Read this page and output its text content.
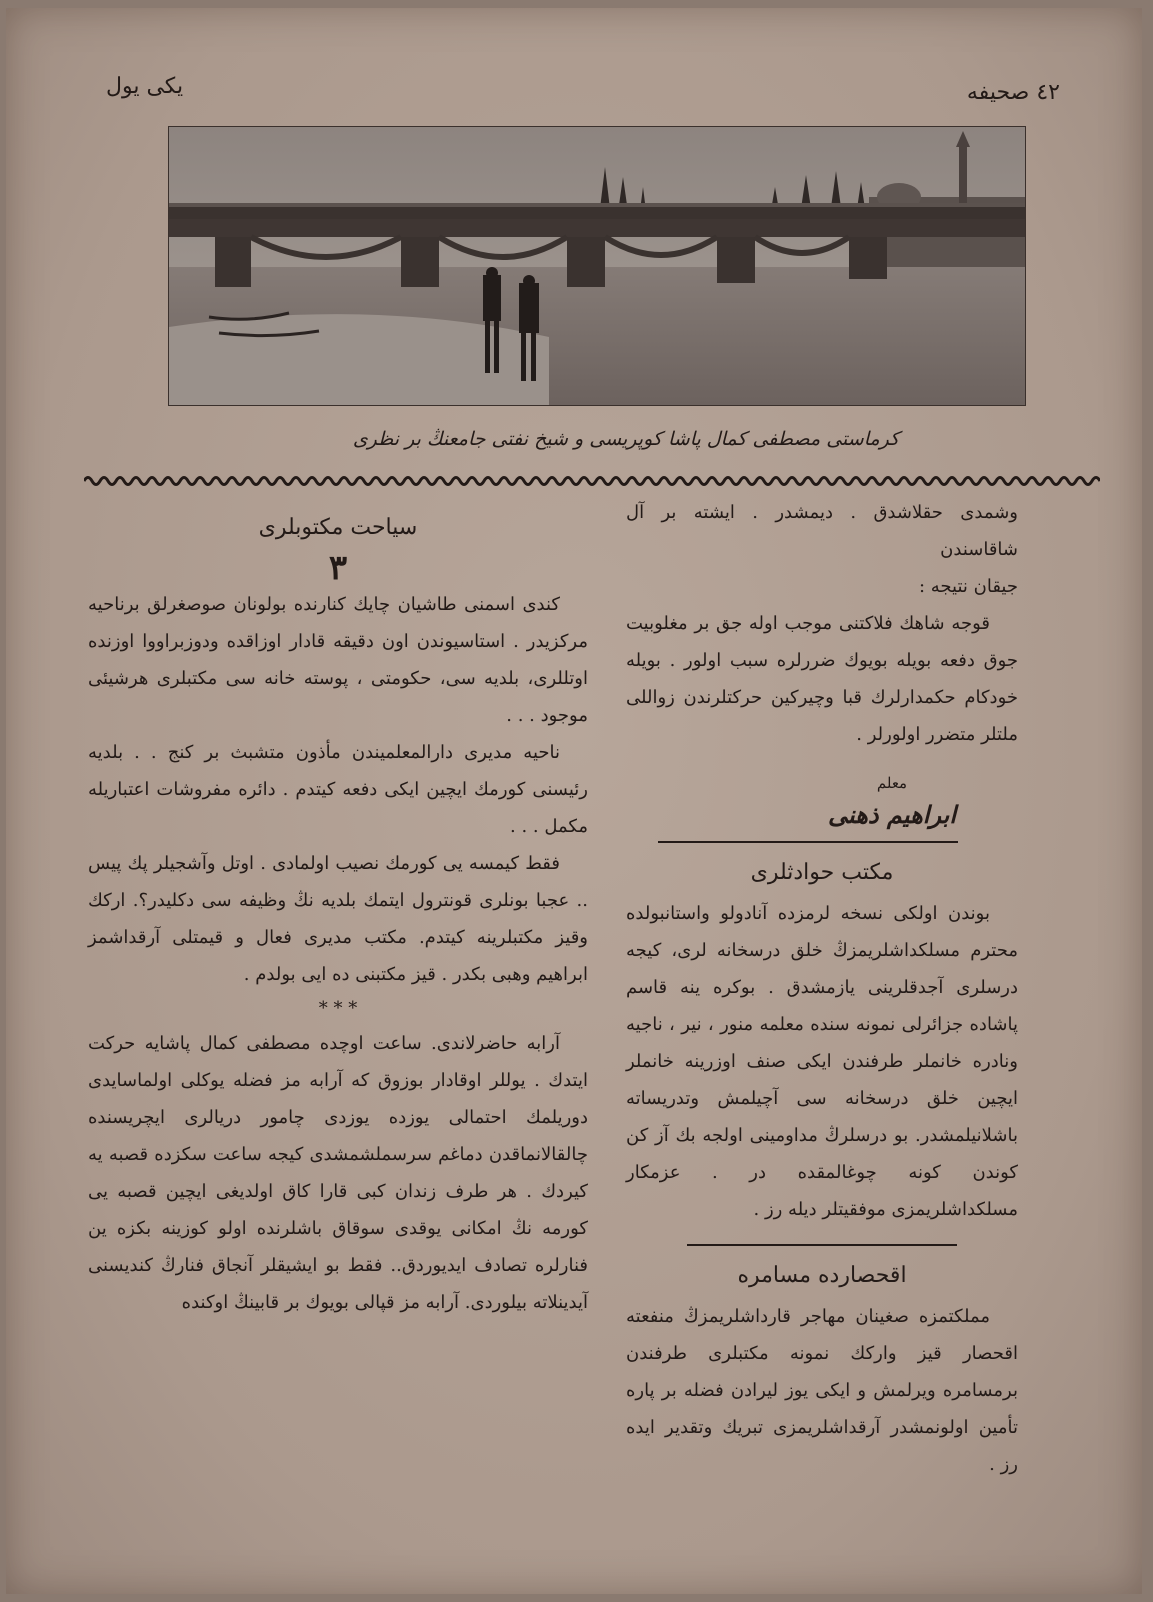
٤٢ صحیفه
یکی یول
کرماستی مصطفی کمال پاشا کوپریسی و شیخ نفتی جامعنڭ بر نظری

وشمدی حقلاشدق . دیمشدر . ایشته بر آل شاقاسندن

جیقان نتیجه :

قوجه شاهك فلاکتنی موجب اوله جق بر مغلوبیت جوق دفعه بویله بویوك ضررلره سبب اولور . بویله خودکام حکمدارلرك قبا وچیرکین حرکتلرندن زواللی ملتلر متضرر اولورلر .

معلم
ابراهیم ذهنی
مکتب حوادثلری

بوندن اولکی نسخه لرمزده آنادولو واستانبولده محترم مسلکداشلریمزڭ خلق درسخانه لری، کیجه درسلری آجدقلرینی یازمشدق . بوکره ینه قاسم پاشاده جزائرلی نمونه سنده معلمه منور ، نیر ، ناجیه ونادره خانملر طرفندن ایکی صنف اوزرینه خانملر ایچین خلق درسخانه سی آچیلمش وتدریساته باشلانیلمشدر. بو درسلرڭ مداومینی اولجه بك آز کن کوندن کونه چوغالمقده در . عزمکار مسلکداشلریمزی موفقیتلر دیله رز .

اقحصارده مسامره

مملکتمزه صغینان مهاجر قارداشلریمزڭ منفعته اقحصار قیز وارکك نمونه مکتبلری طرفندن برمسامره ویرلمش و ایکی یوز لیرادن فضله بر پاره تأمین اولونمشدر آرقداشلریمزی تبریك وتقدیر ایده رز .

سیاحت مکتوبلری
٣

کندی اسمنی طاشیان چایك کنارنده بولونان صوصغرلق برناحیه مرکزیدر . استاسیوندن اون دقیقه قادار اوزاقده ودوزبراووا اوزنده اوتللری، بلدیه سی، حکومتی ، پوسته خانه سی مکتبلری هرشیئی موجود . . .

ناحیه مدیری دارالمعلمیندن مأذون متشبث بر کنج . . بلدیه رئیسنی کورمك ایچین ایکی دفعه کیتدم . دائره مفروشات اعتباریله مکمل . . .

فقط کیمسه یی کورمك نصیب اولمادی . اوتل وآشجیلر پك پیس .. عجبا بونلری قونترول ایتمك بلدیه نڭ وظیفه سی دکلیدر؟. ارکك وقیز مکتبلرینه کیتدم. مکتب مدیری فعال و قیمتلی آرقداشمز ابراهیم وهبی بکدر . قیز مکتبنی ده ایی بولدم .

* * *

آرابه حاضرلاندی. ساعت اوچده مصطفی کمال پاشایه حرکت ایتدك . یوللر اوقادار بوزوق که آرابه مز فضله یوکلی اولماسایدی دوریلمك احتمالی یوزده یوزدی چامور دریالری ایچریسنده چالقالانماقدن دماغم سرسملشمشدی کیجه ساعت سکزده قصبه یه کیردك . هر طرف زندان کبی قارا کاق اولدیغی ایچین قصبه یی کورمه نڭ امکانی یوقدی سوقاق باشلرنده اولو کوزینه بکزه ین فنارلره تصادف ایدیوردق.. فقط بو ایشیقلر آنجاق فنارڭ کندیسنی آیدینلاته بیلوردی. آرابه مز قپالی بویوك بر قابینڭ اوکنده
